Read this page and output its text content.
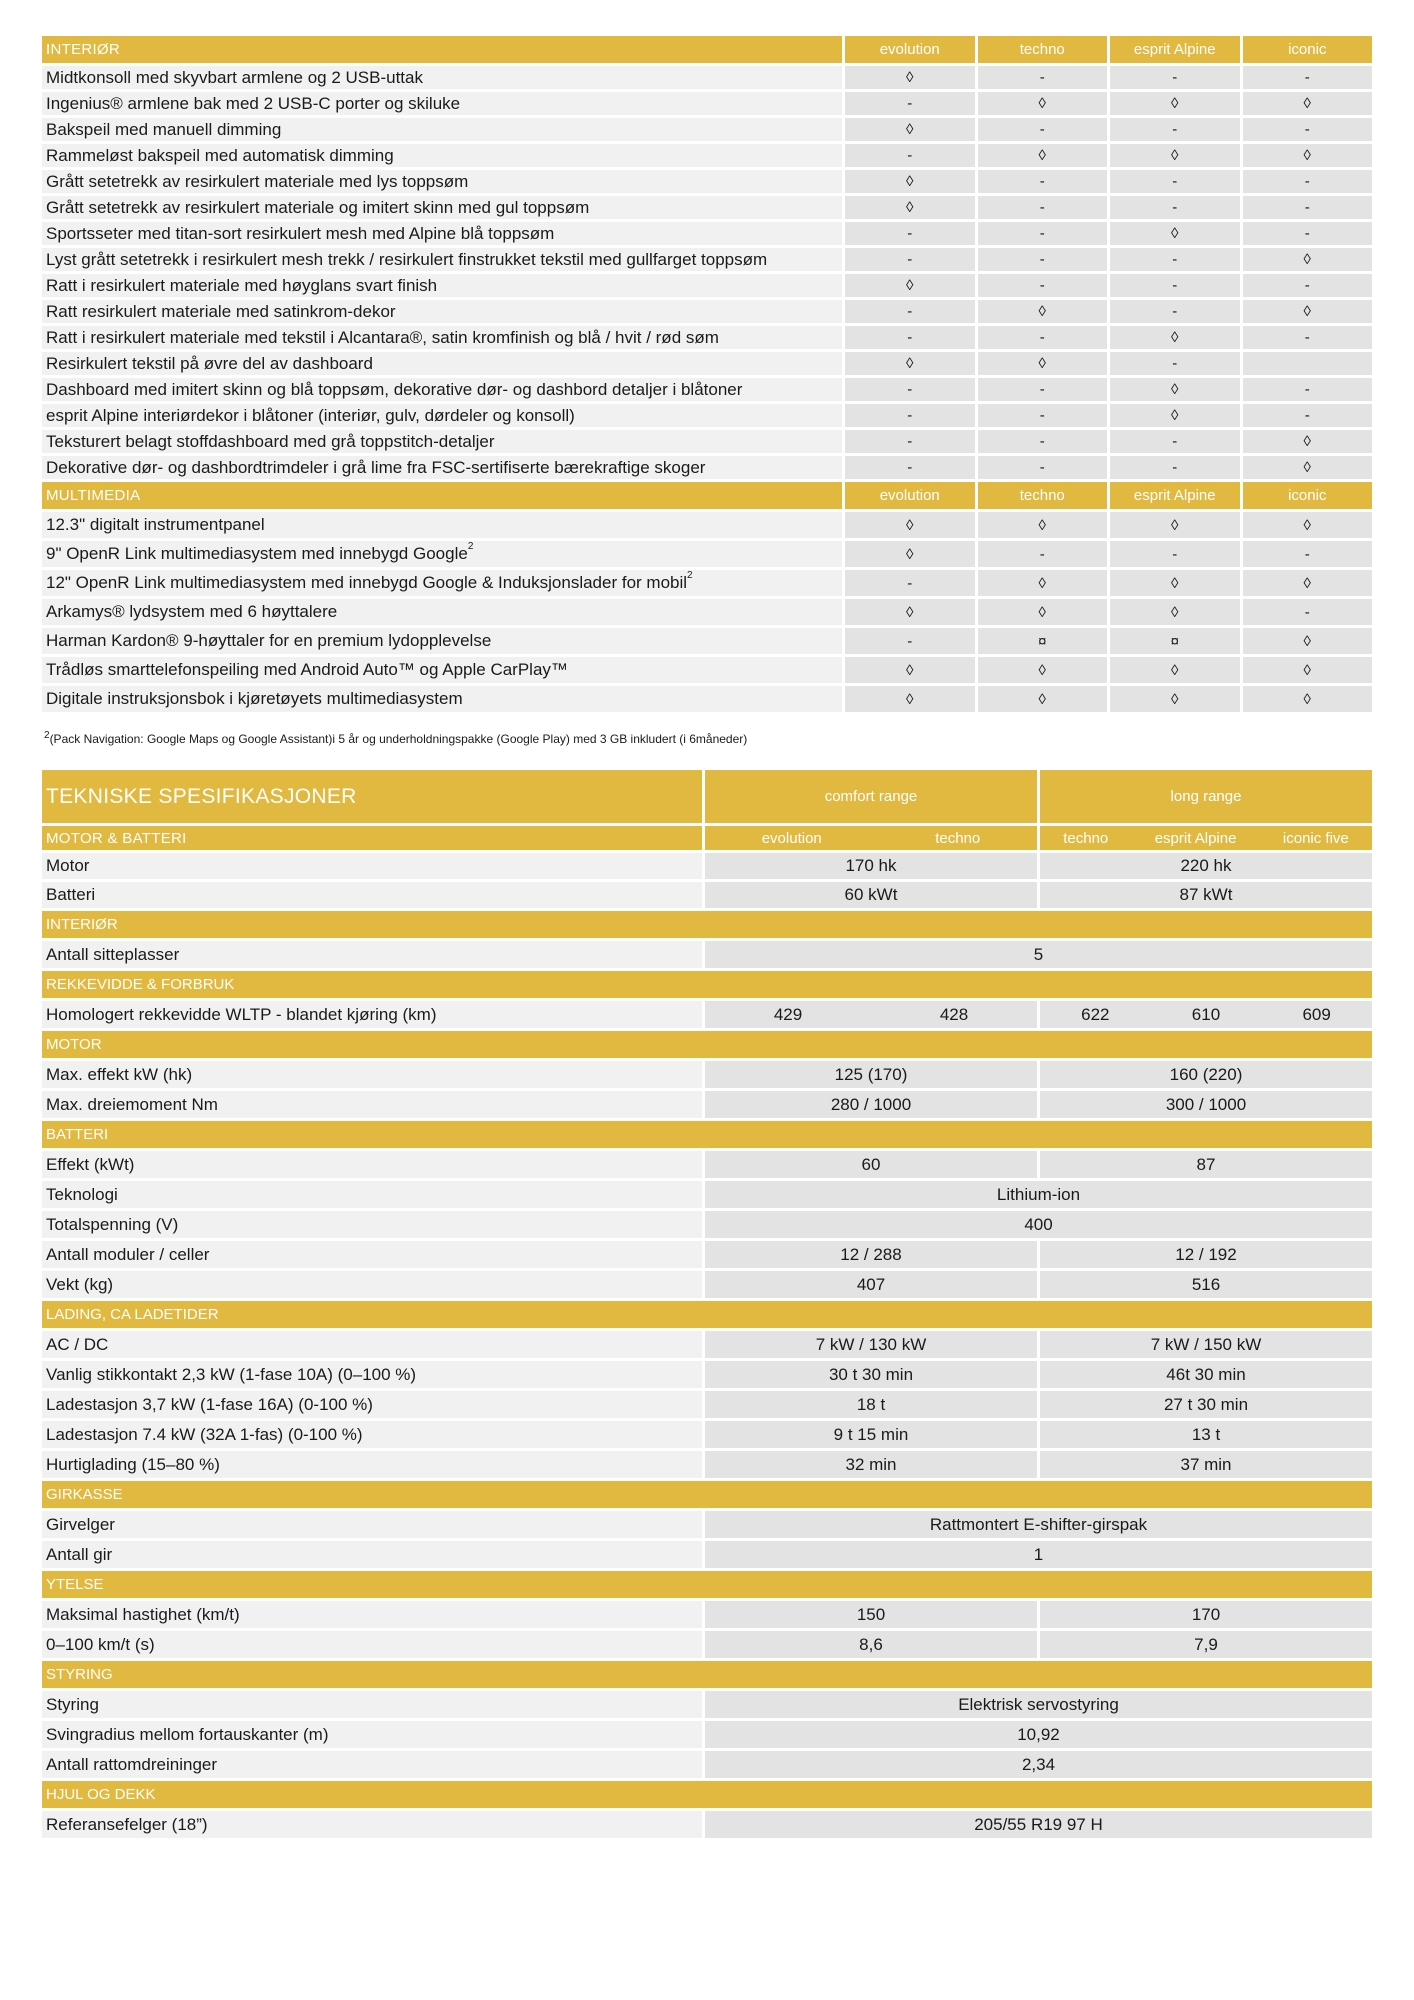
INTERIØR	evolution	techno	esprit Alpine	iconic
Midtkonsoll med skyvbart armlene og 2 USB-uttak	◊	-	-	-
Ingenius® armlene bak med 2 USB-C porter og skiluke	-	◊	◊	◊
Bakspeil med manuell dimming	◊	-	-	-
Rammeløst bakspeil med automatisk dimming	-	◊	◊	◊
Grått setetrekk av resirkulert materiale med lys toppsøm	◊	-	-	-
Grått setetrekk av resirkulert materiale og imitert skinn med gul toppsøm	◊	-	-	-
Sportsseter med titan-sort resirkulert mesh med Alpine blå toppsøm	-	-	◊	-
Lyst grått setetrekk i resirkulert mesh trekk / resirkulert finstrukket tekstil med gullfarget toppsøm	-	-	-	◊
Ratt i resirkulert materiale med høyglans svart finish	◊	-	-	-
Ratt resirkulert materiale med satinkrom-dekor	-	◊	-	◊
Ratt i resirkulert materiale med tekstil i Alcantara®, satin kromfinish og blå / hvit / rød søm	-	-	◊	-
Resirkulert tekstil på øvre del av dashboard	◊	◊	-
Dashboard med imitert skinn og blå toppsøm, dekorative dør- og dashbord detaljer i blåtoner	-	-	◊	-
esprit Alpine interiørdekor i blåtoner (interiør, gulv, dørdeler og konsoll)	-	-	◊	-
Teksturert belagt stoffdashboard med grå toppstitch-detaljer	-	-	-	◊
Dekorative dør- og dashbordtrimdeler i grå lime fra FSC-sertifiserte bærekraftige skoger	-	-	-	◊
MULTIMEDIA	evolution	techno	esprit Alpine	iconic
12.3" digitalt instrumentpanel	◊	◊	◊	◊
9" OpenR Link multimediasystem med innebygd Google $^2$	◊	-	-	-
12" OpenR Link multimediasystem med innebygd Google & Induksjonslader for mobil $^2$	-	◊	◊	◊
Arkamys® lydsystem med 6 høyttalere	◊	◊	◊	-
Harman Kardon® 9-høyttaler for en premium lydopplevelse	-	¤	¤	◊
Trådløs smarttelefonspeiling med Android Auto™ og Apple CarPlay™	◊	◊	◊	◊
Digitale instruksjonsbok i kjøretøyets multimediasystem	◊	◊	◊	◊
$^2$(Pack Navigation: Google Maps og Google Assistant)i 5 år og underholdningspakke (Google Play) med 3 GB inkludert (i 6måneder)
TEKNISKE SPESIFIKASJONER	comfort range	long range
MOTOR & BATTERI	evolution	techno	techno	esprit Alpine	iconic five
Motor	170 hk	220 hk
Batteri	60 kWt	87 kWt
INTERIØR
Antall sitteplasser	5
REKKEVIDDE & FORBRUK
Homologert rekkevidde WLTP - blandet kjøring (km)	429	428	622	610	609
MOTOR
Max. effekt kW (hk)	125 (170)	160 (220)
Max. dreiemoment Nm	280 / 1000	300 / 1000
BATTERI
Effekt (kWt)	60	87
Teknologi	Lithium-ion
Totalspenning (V)	400
Antall moduler / celler	12 / 288	12 / 192
Vekt (kg)	407	516
LADING, CA LADETIDER
AC / DC	7 kW / 130 kW	7 kW / 150 kW
Vanlig stikkontakt 2,3 kW (1-fase 10A) (0–100 %)	30 t 30 min	46t 30 min
Ladestasjon 3,7 kW (1-fase 16A) (0-100 %)	18 t	27 t 30 min
Ladestasjon 7.4 kW (32A 1-fas) (0-100 %)	9 t 15 min	13 t
Hurtiglading (15–80 %)	32 min	37 min
GIRKASSE
Girvelger	Rattmontert E-shifter-girspak
Antall gir	1
YTELSE
Maksimal hastighet (km/t)	150	170
0–100 km/t (s)	8,6	7,9
STYRING
Styring	Elektrisk servostyring
Svingradius mellom fortauskanter (m)	10,92
Antall rattomdreininger	2,34
HJUL OG DEKK
Referansefelger (18”)	205/55 R19 97 H
